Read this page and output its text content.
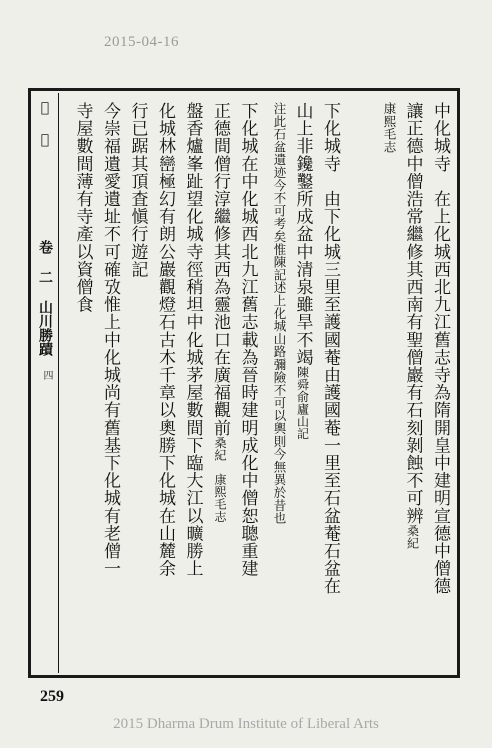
2015-04-16
𫝀 一
卷 二 山川勝蹟
四	中化城寺　在上化城西北九江舊志寺為隋開皇中建明宣德中僧德
讓正德中僧浩常繼修其西南有聖僧巖有石刻剝蝕不可辨桑紀
康熙毛志
下化城寺　由下化城三里至護國菴由護國菴一里至石盆菴石盆在
山上非鑱鑿所成盆中清泉雖旱不竭陳舜俞廬山記
注此石盆遺迹今不可考矣惟陳記述上化城山路彌險不可以輿則今無異於昔也
下化城在中化城西北九江舊志載為晉時建明成化中僧恕聰重建
正德間僧行淳繼修其西為靈池口在廣福觀前桑紀　康熙毛志
盤香爐峯趾望化城寺徑稍坦中化城茅屋數間下臨大江以曠勝上
化城林巒極幻有朗公巖觀燈石古木千章以奧勝下化城在山麓余
行已踞其頂査愼行遊記
今崇福遺愛遺址不可確攷惟上中化城尚有舊基下化城有老僧一
寺屋數間薄有寺產以資僧食
259
2015 Dharma Drum Institute of Liberal Arts
